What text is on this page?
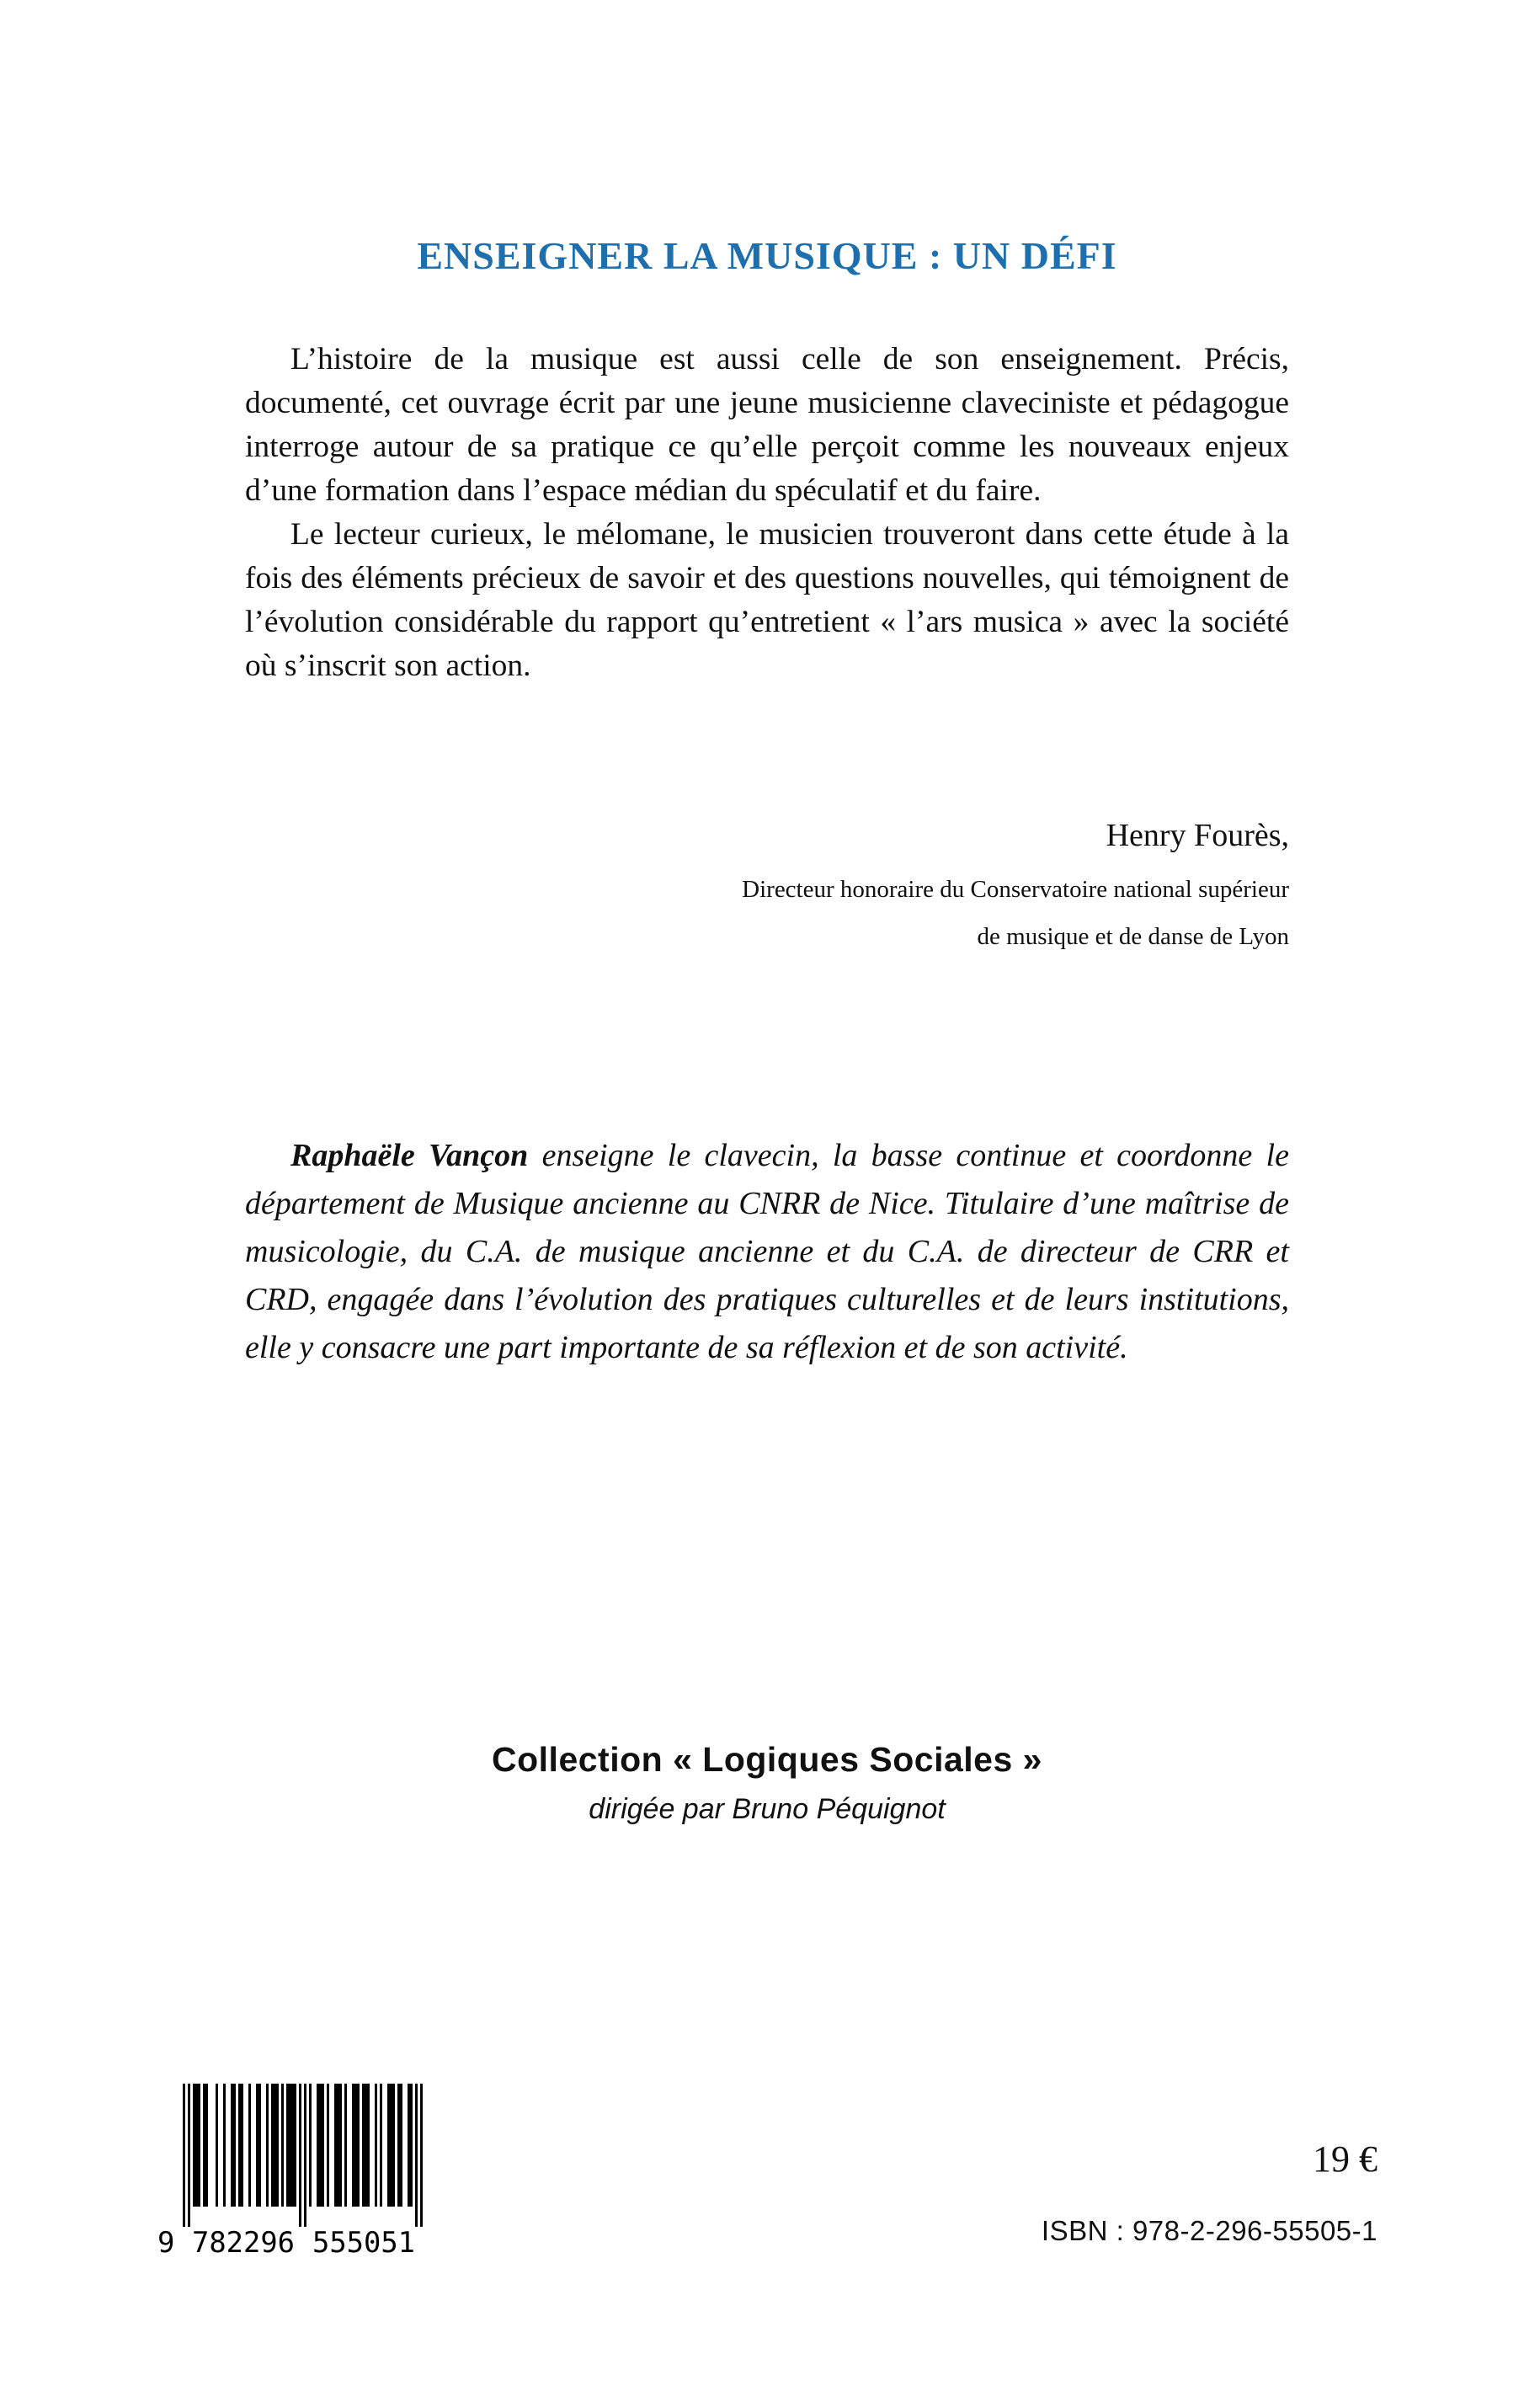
ENSEIGNER LA MUSIQUE : UN DÉFI

L’histoire de la musique est aussi celle de son enseignement. Précis, documenté, cet ouvrage écrit par une jeune musicienne claveciniste et pédagogue interroge autour de sa pratique ce qu’elle perçoit comme les nouveaux enjeux d’une formation dans l’espace médian du spéculatif et du faire.

Le lecteur curieux, le mélomane, le musicien trouveront dans cette étude à la fois des éléments précieux de savoir et des questions nouvelles, qui témoignent de l’évolution considérable du rapport qu’entretient « l’ars musica » avec la société où s’inscrit son action.

Henry Fourès,

Directeur honoraire du Conservatoire national supérieur

de musique et de danse de Lyon

Raphaële Vançon enseigne le clavecin, la basse continue et coordonne le département de Musique ancienne au CNRR de Nice. Titulaire d’une maîtrise de musicologie, du C.A. de musique ancienne et du C.A. de directeur de CRR et CRD, engagée dans l’évolution des pratiques culturelles et de leurs institutions, elle y consacre une part importante de sa réflexion et de son activité.

Collection « Logiques Sociales »

dirigée par Bruno Péquignot

9 782296 555051
19 €
ISBN : 978-2-296-55505-1
